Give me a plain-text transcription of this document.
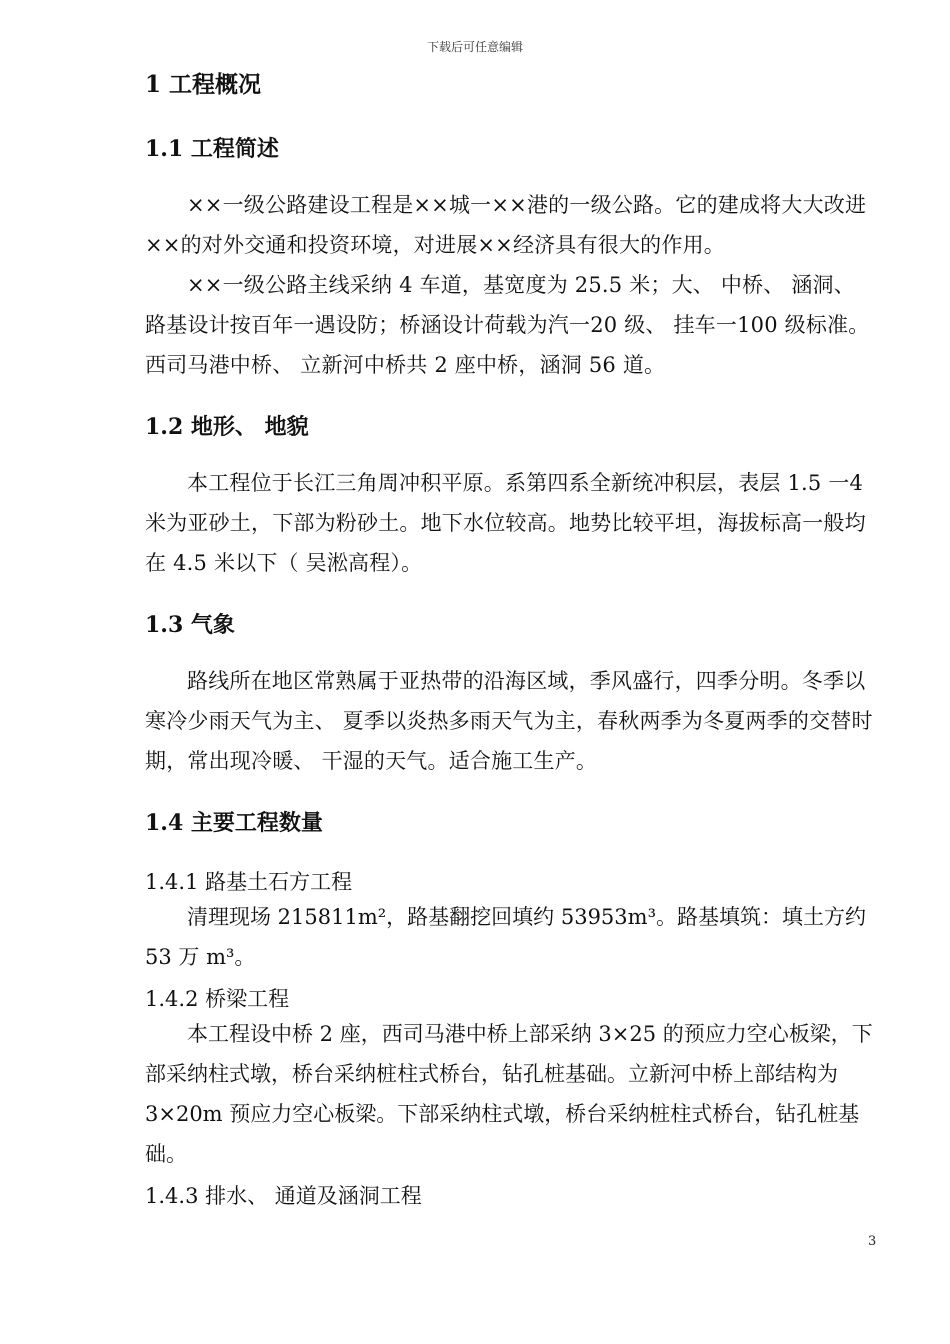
下载后可任意编辑
1 工程概况
1.1 工程简述

××一级公路建设工程是××城一××港的一级公路。它的建成将大大改进××的对外交通和投资环境，对进展××经济具有很大的作用。

××一级公路主线采纳 4 车道，基宽度为 25.5 米；大、 中桥、 涵洞、 路基设计按百年一遇设防；桥涵设计荷载为汽一20 级、 挂车一100 级标准。西司马港中桥、 立新河中桥共 2 座中桥，涵洞 56 道。

1.2 地形、 地貌

本工程位于长江三角周冲积平原。系第四系全新统冲积层，表层 1.5 一4 米为亚砂土，下部为粉砂土。地下水位较高。地势比较平坦，海拔标高一般均在 4.5 米以下（ 吴淞高程）。

1.3 气象

路线所在地区常熟属于亚热带的沿海区域，季风盛行，四季分明。冬季以寒冷少雨天气为主、 夏季以炎热多雨天气为主，春秋两季为冬夏两季的交替时期，常出现冷暖、 干湿的天气。适合施工生产。

1.4 主要工程数量
1.4.1 路基土石方工程

清理现场 215811m²，路基翻挖回填约 53953m³。路基填筑：填土方约 53 万 m³。

1.4.2 桥梁工程

本工程设中桥 2 座，西司马港中桥上部采纳 3×25 的预应力空心板梁，下部采纳柱式墩，桥台采纳桩柱式桥台，钻孔桩基础。立新河中桥上部结构为 3×20m 预应力空心板梁。下部采纳柱式墩，桥台采纳桩柱式桥台，钻孔桩基础。

1.4.3 排水、 通道及涵洞工程
3
